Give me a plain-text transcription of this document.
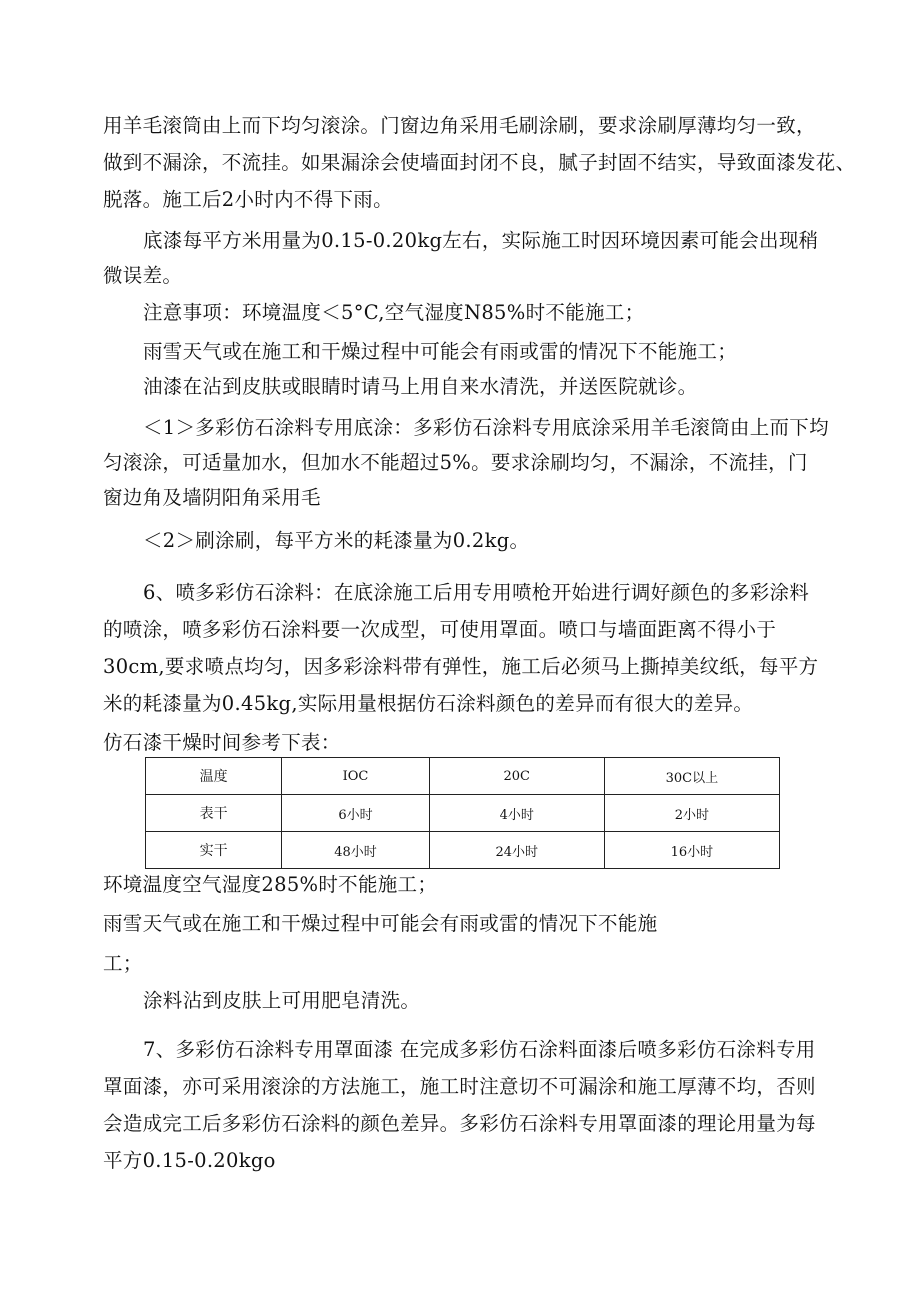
用羊毛滚筒由上而下均匀滚涂。门窗边角采用毛刷涂刷，要求涂刷厚薄均匀一致，
做到不漏涂，不流挂。如果漏涂会使墙面封闭不良，腻子封固不结实，导致面漆发花、
脱落。施工后2小时内不得下雨。
底漆每平方米用量为0.15-0.20kg左右，实际施工时因环境因素可能会出现稍
微误差。
注意事项：环境温度＜5°C,空气湿度N85%时不能施工；
雨雪天气或在施工和干燥过程中可能会有雨或雷的情况下不能施工；
油漆在沾到皮肤或眼睛时请马上用自来水清洗，并送医院就诊。
＜1＞多彩仿石涂料专用底涂：多彩仿石涂料专用底涂采用羊毛滚筒由上而下均
匀滚涂，可适量加水，但加水不能超过5%。要求涂刷均匀，不漏涂，不流挂，门
窗边角及墙阴阳角采用毛
＜2＞刷涂刷，每平方米的耗漆量为0.2kg。
6、喷多彩仿石涂料：在底涂施工后用专用喷枪开始进行调好颜色的多彩涂料
的喷涂，喷多彩仿石涂料要一次成型，可使用罩面。喷口与墙面距离不得小于
30cm,要求喷点均匀，因多彩涂料带有弹性，施工后必须马上撕掉美纹纸，每平方
米的耗漆量为0.45kg,实际用量根据仿石涂料颜色的差异而有很大的差异。
仿石漆干燥时间参考下表：
温度	IOC	20C	30C以上
表干	6小时	4小时	2小时
实干	48小时	24小时	16小时
环境温度空气湿度285%时不能施工；
雨雪天气或在施工和干燥过程中可能会有雨或雷的情况下不能施
工；
涂料沾到皮肤上可用肥皂清洗。
7、多彩仿石涂料专用罩面漆 在完成多彩仿石涂料面漆后喷多彩仿石涂料专用
罩面漆，亦可采用滚涂的方法施工，施工时注意切不可漏涂和施工厚薄不均，否则
会造成完工后多彩仿石涂料的颜色差异。多彩仿石涂料专用罩面漆的理论用量为每
平方0.15-0.20kgo
